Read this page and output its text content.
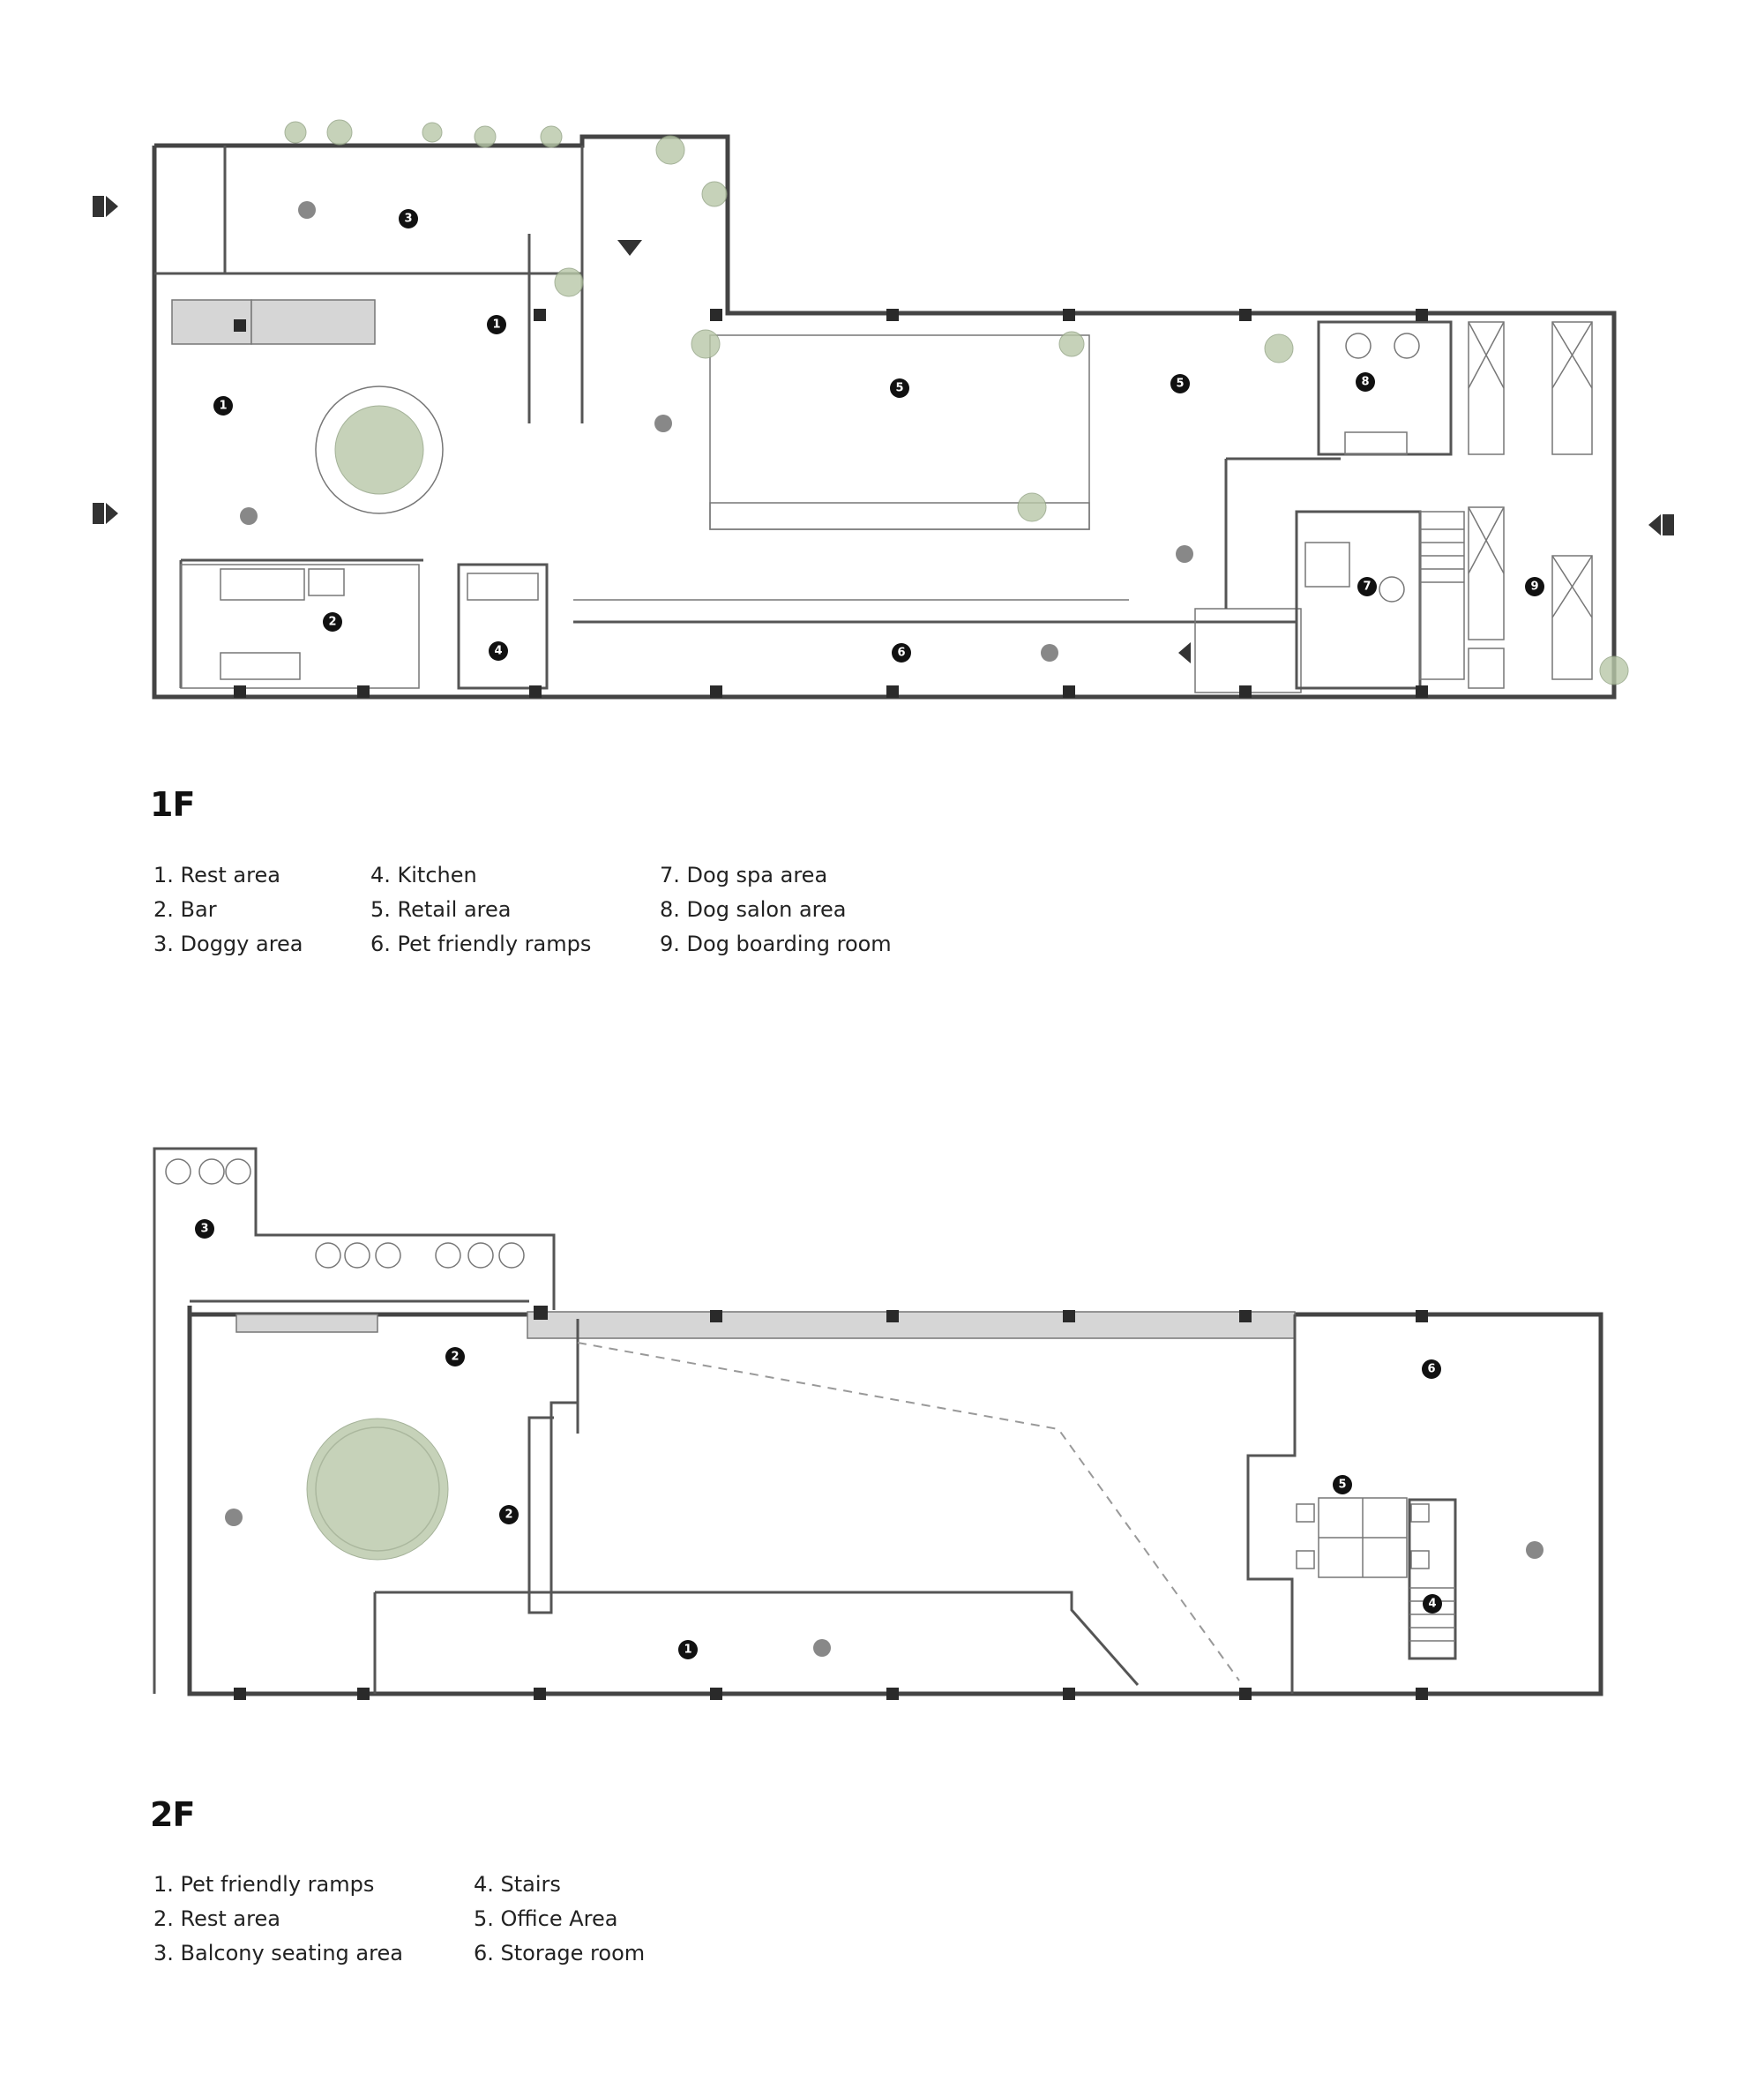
3
1
1
5	5	8
2
4	6
7	9
1F
1. Rest area
2. Bar
3. Doggy area
4. Kitchen
5. Retail area
6. Pet friendly ramps
7. Dog spa area
8. Dog salon area
9. Dog boarding room
3
2
2
6
5
4
1
2F
1. Pet friendly ramps
2. Rest area
3. Balcony seating area
4. Stairs
5. Office Area
6. Storage room
